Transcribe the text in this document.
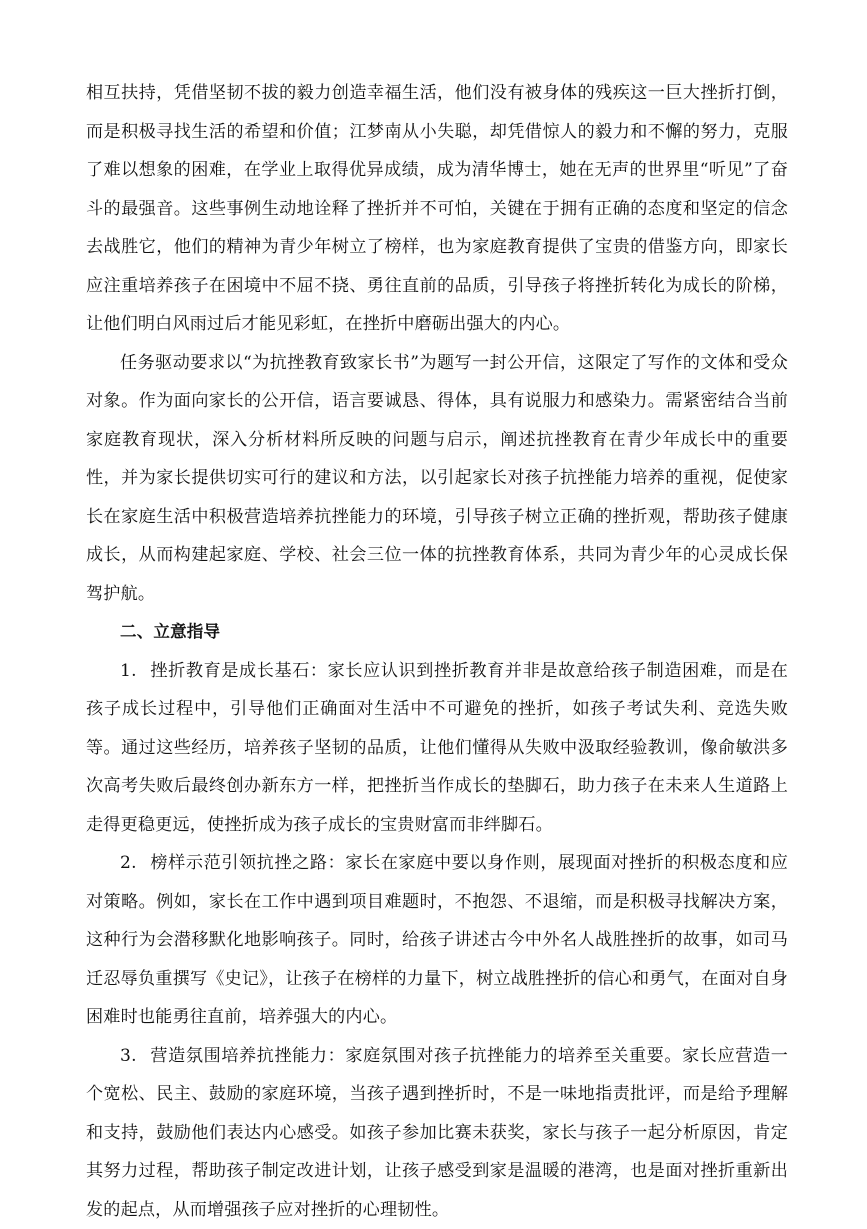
相互扶持，凭借坚韧不拔的毅力创造幸福生活，他们没有被身体的残疾这一巨大挫折打倒，而是积极寻找生活的希望和价值；江梦南从小失聪，却凭借惊人的毅力和不懈的努力，克服了难以想象的困难，在学业上取得优异成绩，成为清华博士，她在无声的世界里“听见”了奋斗的最强音。这些事例生动地诠释了挫折并不可怕，关键在于拥有正确的态度和坚定的信念去战胜它，他们的精神为青少年树立了榜样，也为家庭教育提供了宝贵的借鉴方向，即家长应注重培养孩子在困境中不屈不挠、勇往直前的品质，引导孩子将挫折转化为成长的阶梯，让他们明白风雨过后才能见彩虹，在挫折中磨砺出强大的内心。

任务驱动要求以“为抗挫教育致家长书”为题写一封公开信，这限定了写作的文体和受众对象。作为面向家长的公开信，语言要诚恳、得体，具有说服力和感染力。需紧密结合当前家庭教育现状，深入分析材料所反映的问题与启示，阐述抗挫教育在青少年成长中的重要性，并为家长提供切实可行的建议和方法，以引起家长对孩子抗挫能力培养的重视，促使家长在家庭生活中积极营造培养抗挫能力的环境，引导孩子树立正确的挫折观，帮助孩子健康成长，从而构建起家庭、学校、社会三位一体的抗挫教育体系，共同为青少年的心灵成长保驾护航。

二、立意指导

1. 挫折教育是成长基石：家长应认识到挫折教育并非是故意给孩子制造困难，而是在孩子成长过程中，引导他们正确面对生活中不可避免的挫折，如孩子考试失利、竞选失败等。通过这些经历，培养孩子坚韧的品质，让他们懂得从失败中汲取经验教训，像俞敏洪多次高考失败后最终创办新东方一样，把挫折当作成长的垫脚石，助力孩子在未来人生道路上走得更稳更远，使挫折成为孩子成长的宝贵财富而非绊脚石。

2. 榜样示范引领抗挫之路：家长在家庭中要以身作则，展现面对挫折的积极态度和应对策略。例如，家长在工作中遇到项目难题时，不抱怨、不退缩，而是积极寻找解决方案，这种行为会潜移默化地影响孩子。同时，给孩子讲述古今中外名人战胜挫折的故事，如司马迁忍辱负重撰写《史记》，让孩子在榜样的力量下，树立战胜挫折的信心和勇气，在面对自身困难时也能勇往直前，培养强大的内心。

3. 营造氛围培养抗挫能力：家庭氛围对孩子抗挫能力的培养至关重要。家长应营造一个宽松、民主、鼓励的家庭环境，当孩子遇到挫折时，不是一味地指责批评，而是给予理解和支持，鼓励他们表达内心感受。如孩子参加比赛未获奖，家长与孩子一起分析原因，肯定其努力过程，帮助孩子制定改进计划，让孩子感受到家是温暖的港湾，也是面对挫折重新出发的起点，从而增强孩子应对挫折的心理韧性。
